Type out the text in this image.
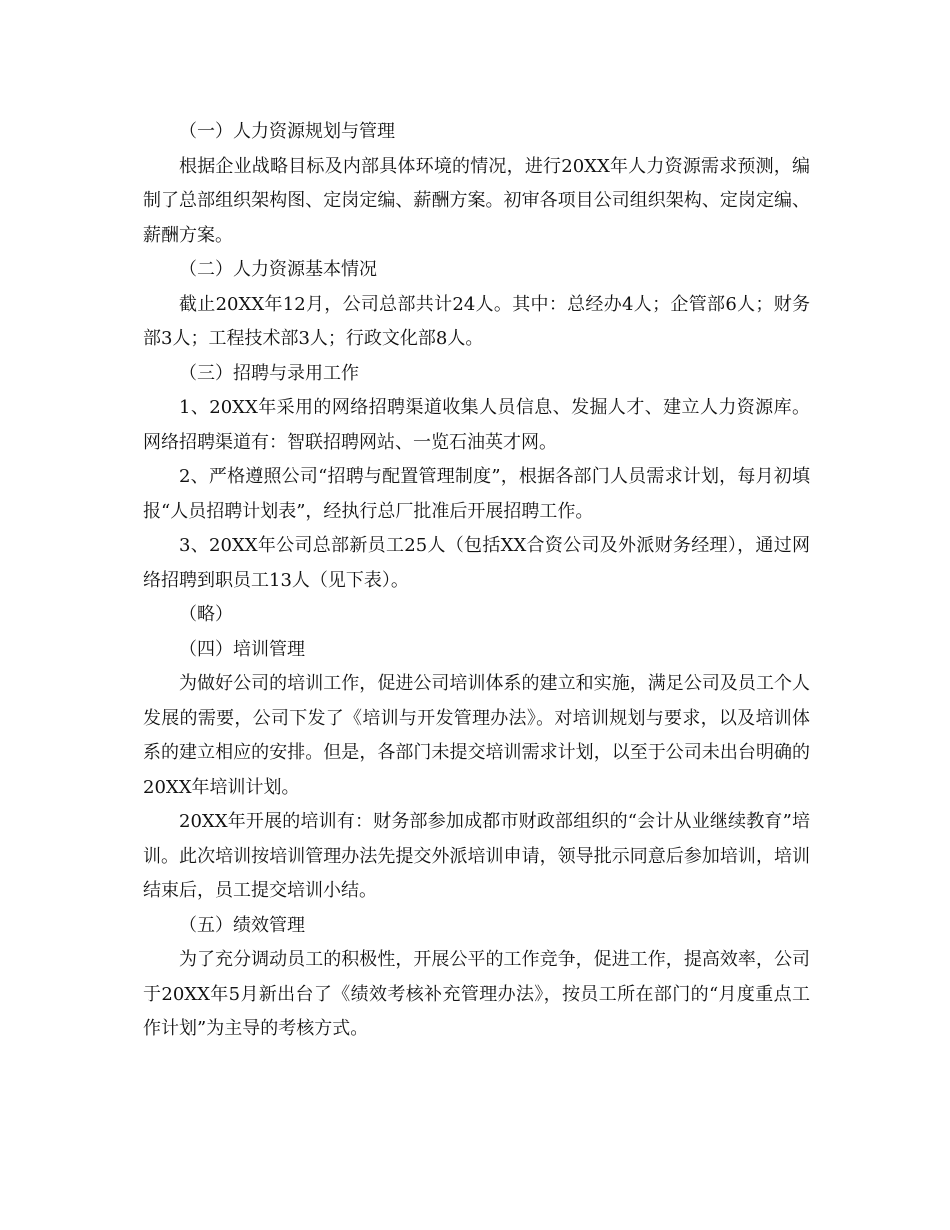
（一）人力资源规划与管理

根据企业战略目标及内部具体环境的情况，进行20XX年人力资源需求预测，编制了总部组织架构图、定岗定编、薪酬方案。初审各项目公司组织架构、定岗定编、薪酬方案。

（二）人力资源基本情况

截止20XX年12月，公司总部共计24人。其中：总经办4人；企管部6人；财务部3人；工程技术部3人；行政文化部8人。

（三）招聘与录用工作

1、20XX年采用的网络招聘渠道收集人员信息、发掘人才、建立人力资源库。网络招聘渠道有：智联招聘网站、一览石油英才网。

2、严格遵照公司“招聘与配置管理制度”，根据各部门人员需求计划，每月初填报“人员招聘计划表”，经执行总厂批准后开展招聘工作。

3、20XX年公司总部新员工25人（包括XX合资公司及外派财务经理），通过网络招聘到职员工13人（见下表）。

（略）

（四）培训管理

为做好公司的培训工作，促进公司培训体系的建立和实施，满足公司及员工个人发展的需要，公司下发了《培训与开发管理办法》。对培训规划与要求，以及培训体系的建立相应的安排。但是，各部门未提交培训需求计划，以至于公司未出台明确的20XX年培训计划。

20XX年开展的培训有：财务部参加成都市财政部组织的“会计从业继续教育”培训。此次培训按培训管理办法先提交外派培训申请，领导批示同意后参加培训，培训结束后，员工提交培训小结。

（五）绩效管理

为了充分调动员工的积极性，开展公平的工作竞争，促进工作，提高效率，公司于20XX年5月新出台了《绩效考核补充管理办法》，按员工所在部门的“月度重点工作计划”为主导的考核方式。
